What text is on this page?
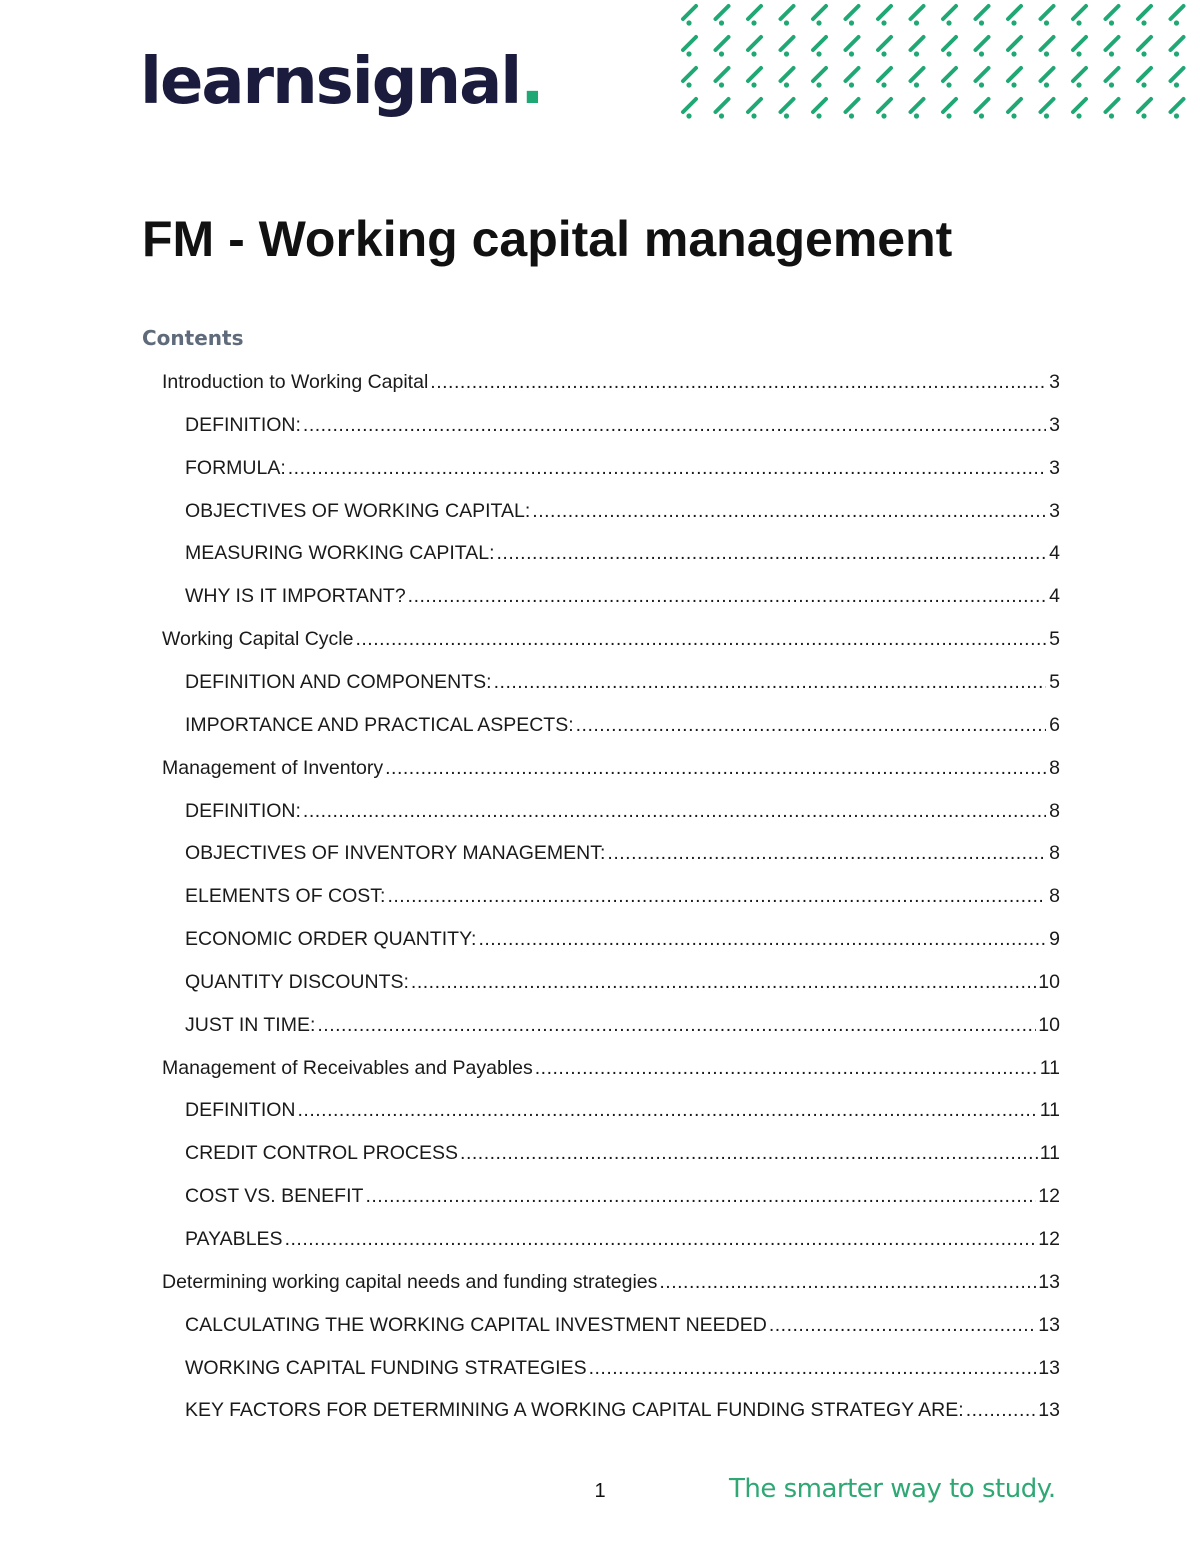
learnsignal.
FM - Working capital management
Contents
Introduction to Working Capital .....	3
DEFINITION: .....	3
FORMULA: .....	3
OBJECTIVES OF WORKING CAPITAL: .....	3
MEASURING WORKING CAPITAL: .....	4
WHY IS IT IMPORTANT? .....	4
Working Capital Cycle .....	5
DEFINITION AND COMPONENTS: .....	5
IMPORTANCE AND PRACTICAL ASPECTS: .....	6
Management of Inventory .....	8
DEFINITION: .....	8
OBJECTIVES OF INVENTORY MANAGEMENT: .....	8
ELEMENTS OF COST: .....	8
ECONOMIC ORDER QUANTITY: .....	9
QUANTITY DISCOUNTS: .....	10
JUST IN TIME: .....	10
Management of Receivables and Payables .....	11
DEFINITION .....	11
CREDIT CONTROL PROCESS .....	11
COST VS. BENEFIT .....	12
PAYABLES .....	12
Determining working capital needs and funding strategies .....	13
CALCULATING THE WORKING CAPITAL INVESTMENT NEEDED .....	13
WORKING CAPITAL FUNDING STRATEGIES .....	13
KEY FACTORS FOR DETERMINING A WORKING CAPITAL FUNDING STRATEGY ARE: .....	13
1	The smarter way to study.
